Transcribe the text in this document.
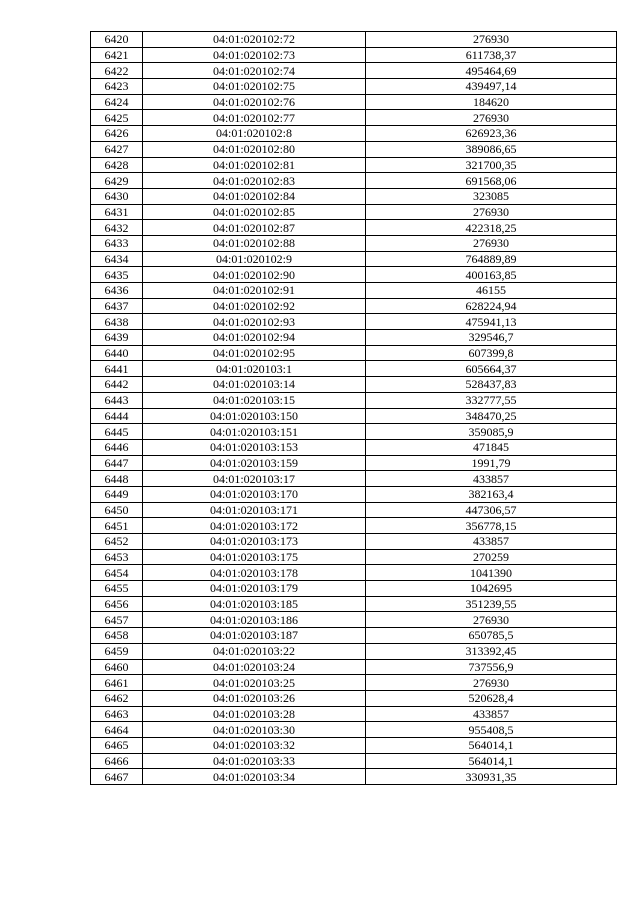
6420	04:01:020102:72	276930
6421	04:01:020102:73	611738,37
6422	04:01:020102:74	495464,69
6423	04:01:020102:75	439497,14
6424	04:01:020102:76	184620
6425	04:01:020102:77	276930
6426	04:01:020102:8	626923,36
6427	04:01:020102:80	389086,65
6428	04:01:020102:81	321700,35
6429	04:01:020102:83	691568,06
6430	04:01:020102:84	323085
6431	04:01:020102:85	276930
6432	04:01:020102:87	422318,25
6433	04:01:020102:88	276930
6434	04:01:020102:9	764889,89
6435	04:01:020102:90	400163,85
6436	04:01:020102:91	46155
6437	04:01:020102:92	628224,94
6438	04:01:020102:93	475941,13
6439	04:01:020102:94	329546,7
6440	04:01:020102:95	607399,8
6441	04:01:020103:1	605664,37
6442	04:01:020103:14	528437,83
6443	04:01:020103:15	332777,55
6444	04:01:020103:150	348470,25
6445	04:01:020103:151	359085,9
6446	04:01:020103:153	471845
6447	04:01:020103:159	1991,79
6448	04:01:020103:17	433857
6449	04:01:020103:170	382163,4
6450	04:01:020103:171	447306,57
6451	04:01:020103:172	356778,15
6452	04:01:020103:173	433857
6453	04:01:020103:175	270259
6454	04:01:020103:178	1041390
6455	04:01:020103:179	1042695
6456	04:01:020103:185	351239,55
6457	04:01:020103:186	276930
6458	04:01:020103:187	650785,5
6459	04:01:020103:22	313392,45
6460	04:01:020103:24	737556,9
6461	04:01:020103:25	276930
6462	04:01:020103:26	520628,4
6463	04:01:020103:28	433857
6464	04:01:020103:30	955408,5
6465	04:01:020103:32	564014,1
6466	04:01:020103:33	564014,1
6467	04:01:020103:34	330931,35
